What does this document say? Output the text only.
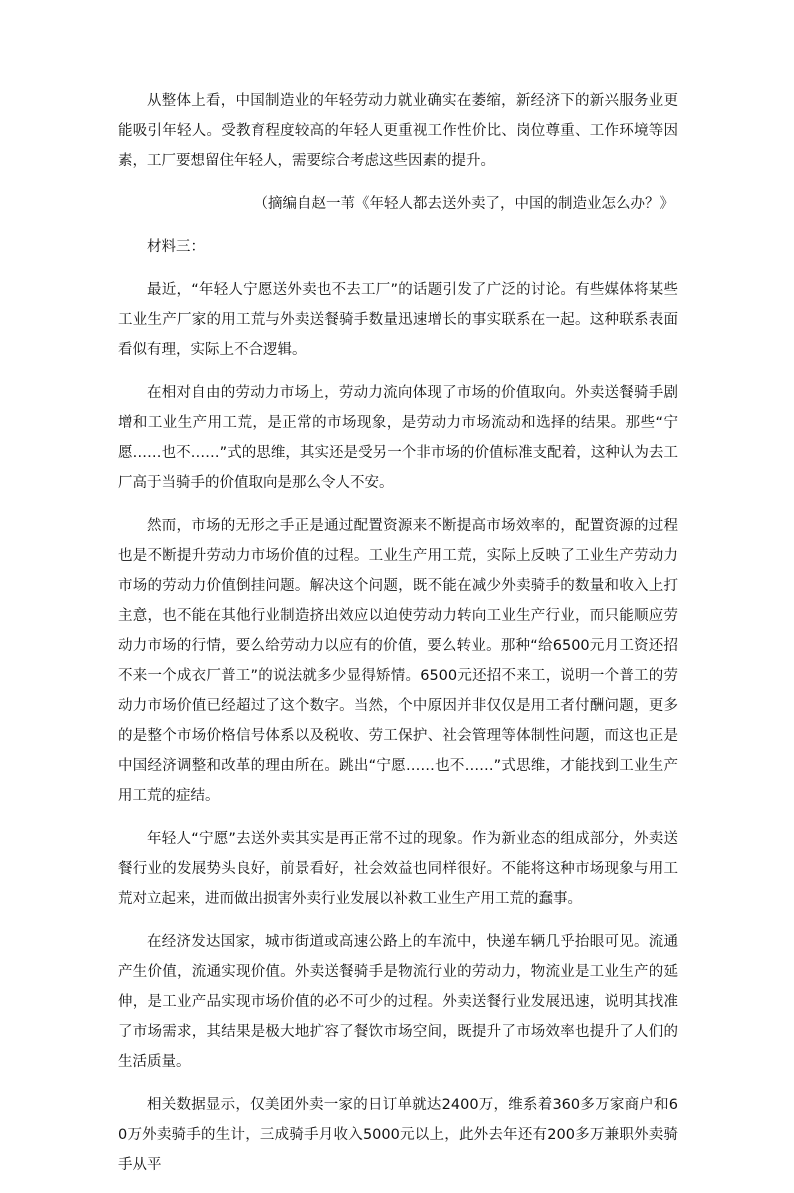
从整体上看，中国制造业的年轻劳动力就业确实在萎缩，新经济下的新兴服务业更能吸引年轻人。受教育程度较高的年轻人更重视工作性价比、岗位尊重、工作环境等因素，工厂要想留住年轻人，需要综合考虑这些因素的提升。

（摘编自赵一苇《年轻人都去送外卖了，中国的制造业怎么办？》

材料三：

最近，“年轻人宁愿送外卖也不去工厂”的话题引发了广泛的讨论。有些媒体将某些工业生产厂家的用工荒与外卖送餐骑手数量迅速增长的事实联系在一起。这种联系表面看似有理，实际上不合逻辑。

在相对自由的劳动力市场上，劳动力流向体现了市场的价值取向。外卖送餐骑手剧增和工业生产用工荒，是正常的市场现象，是劳动力市场流动和选择的结果。那些“宁愿……也不……”式的思维，其实还是受另一个非市场的价值标准支配着，这种认为去工厂高于当骑手的价值取向是那么令人不安。

然而，市场的无形之手正是通过配置资源来不断提高市场效率的，配置资源的过程也是不断提升劳动力市场价值的过程。工业生产用工荒，实际上反映了工业生产劳动力市场的劳动力价值倒挂问题。解决这个问题，既不能在减少外卖骑手的数量和收入上打主意，也不能在其他行业制造挤出效应以迫使劳动力转向工业生产行业，而只能顺应劳动力市场的行情，要么给劳动力以应有的价值，要么转业。那种“给6500元月工资还招不来一个成衣厂普工”的说法就多少显得矫情。6500元还招不来工，说明一个普工的劳动力市场价值已经超过了这个数字。当然，个中原因并非仅仅是用工者付酬问题，更多的是整个市场价格信号体系以及税收、劳工保护、社会管理等体制性问题，而这也正是中国经济调整和改革的理由所在。跳出“宁愿……也不……”式思维，才能找到工业生产用工荒的症结。

年轻人“宁愿”去送外卖其实是再正常不过的现象。作为新业态的组成部分，外卖送餐行业的发展势头良好，前景看好，社会效益也同样很好。不能将这种市场现象与用工荒对立起来，进而做出损害外卖行业发展以补救工业生产用工荒的蠢事。

在经济发达国家，城市街道或高速公路上的车流中，快递车辆几乎抬眼可见。流通产生价值，流通实现价值。外卖送餐骑手是物流行业的劳动力，物流业是工业生产的延伸，是工业产品实现市场价值的必不可少的过程。外卖送餐行业发展迅速，说明其找准了市场需求，其结果是极大地扩容了餐饮市场空间，既提升了市场效率也提升了人们的生活质量。

相关数据显示，仅美团外卖一家的日订单就达2400万，维系着360多万家商户和60万外卖骑手的生计，三成骑手月收入5000元以上，此外去年还有200多万兼职外卖骑手从平
